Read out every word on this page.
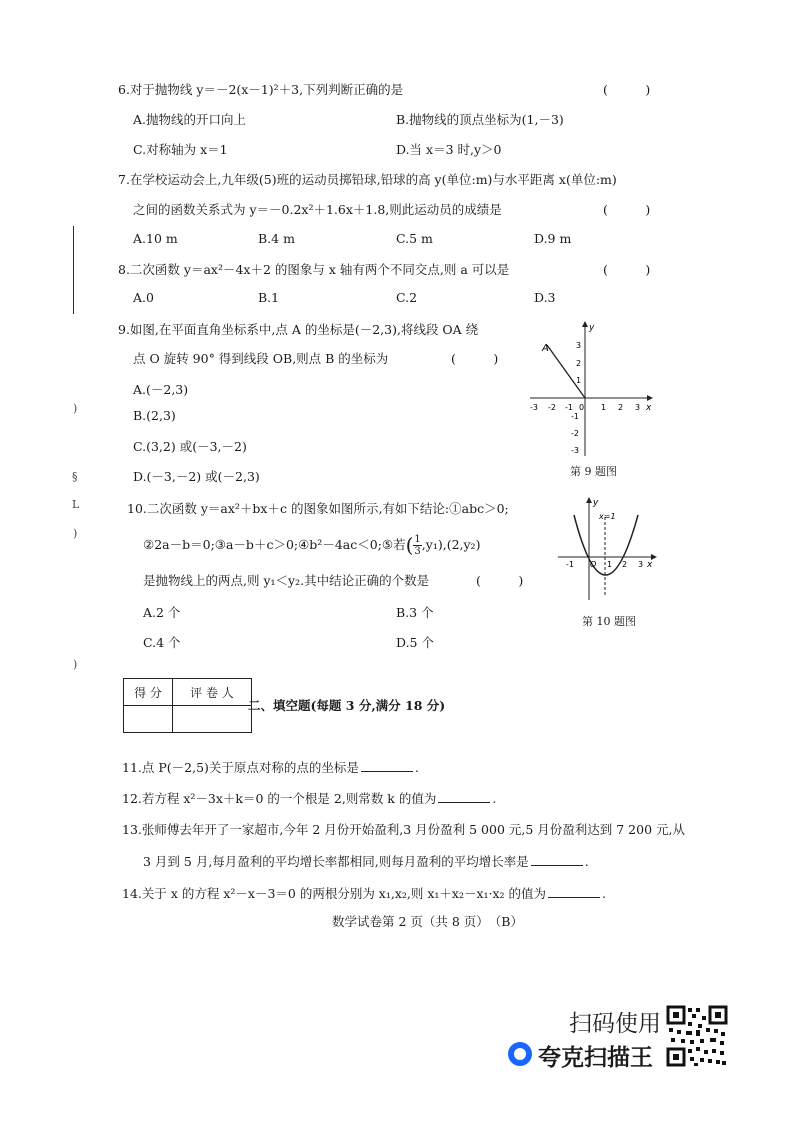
6.对于抛物线 y＝－2(x－1)²＋3,下列判断正确的是	(　　　)
A.抛物线的开口向上	B.抛物线的顶点坐标为(1,－3)
C.对称轴为 x＝1	D.当 x＝3 时,y＞0
7.在学校运动会上,九年级(5)班的运动员掷铅球,铅球的高 y(单位:m)与水平距离 x(单位:m)
之间的函数关系式为 y＝－0.2x²＋1.6x＋1.8,则此运动员的成绩是	(　　　)
A.10 m	B.4 m	C.5 m	D.9 m
8.二次函数 y＝ax²－4x＋2 的图象与 x 轴有两个不同交点,则 a 可以是	(　　　)
A.0	B.1	C.2	D.3
9.如图,在平面直角坐标系中,点 A 的坐标是(－2,3),将线段 OA 绕
点 O 旋转 90° 得到线段 OB,则点 B 的坐标为	(　　　)
A.(－2,3)
B.(2,3)
C.(3,2) 或(－3,－2)
D.(－3,－2) 或(－2,3)
A
y
x
-3 -2 -1 0 1 2 3
3
2
1
-1
-2
-3
第 9 题图
10.二次函数 y＝ax²＋bx＋c 的图象如图所示,有如下结论:①abc＞0;
②2a－b＝0;③a－b＋c＞0;④b²－4ac＜0;⑤若( $\frac{1}{3} ,y_1),(2,y_2)$
是抛物线上的两点,则 y₁＜y₂.其中结论正确的个数是	(　　　)
A.2 个	B.3 个
C.4 个	D.5 个
y
x=1
x
-1 O 1 2 3
第 10 题图
得 分	评 卷 人

二、填空题(每题 3 分,满分 18 分)
11.点 P(－2,5)关于原点对称的点的坐标是	.
12.若方程 x²－3x＋k＝0 的一个根是 2,则常数 k 的值为	.
13.张师傅去年开了一家超市,今年 2 月份开始盈利,3 月份盈利 5 000 元,5 月份盈利达到 7 200 元,从
3 月到 5 月,每月盈利的平均增长率都相同,则每月盈利的平均增长率是	.
14.关于 x 的方程 x²－x－3＝0 的两根分别为 x₁,x₂,则 x₁＋x₂－x₁·x₂ 的值为	.
数学试卷第 2 页（共 8 页）　（B）
)
§
L
)
)
扫码使用
夸克扫描王
